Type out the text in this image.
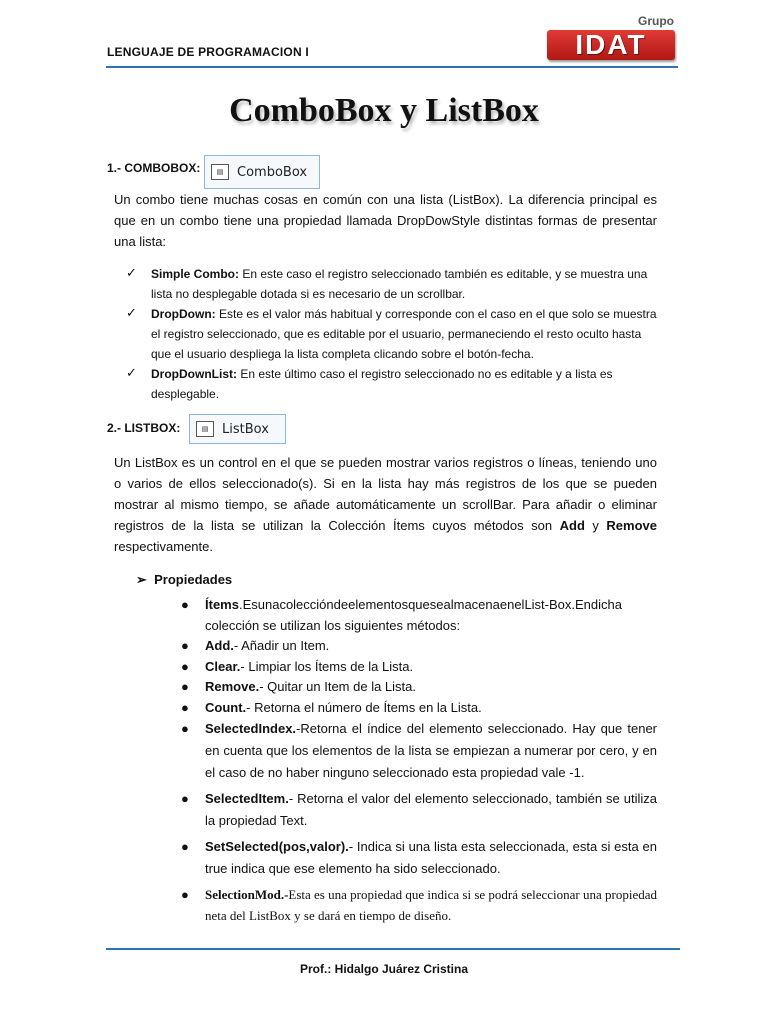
LENGUAJE DE PROGRAMACION I
Grupo
IDAT
ComboBox y ListBox
1.- COMBOBOX:	▤	ComboBox
Un combo tiene muchas cosas en común con una lista (ListBox). La diferencia principal es que en un combo tiene una propiedad llamada DropDowStyle distintas formas de presentar una lista:
✓ Simple Combo: En este caso el registro seleccionado también es editable, y se muestra una lista no desplegable dotada si es necesario de un scrollbar.
✓ DropDown: Este es el valor más habitual y corresponde con el caso en el que solo se muestra el registro seleccionado, que es editable por el usuario, permaneciendo el resto oculto hasta que el usuario despliega la lista completa clicando sobre el botón-fecha.
✓ DropDownList: En este último caso el registro seleccionado no es editable y a lista es desplegable.
2.- LISTBOX:	▤	ListBox
Un ListBox es un control en el que se pueden mostrar varios registros o líneas, teniendo uno o varios de ellos seleccionado(s). Si en la lista hay más registros de los que se pueden mostrar al mismo tiempo, se añade automáticamente un scrollBar. Para añadir o eliminar registros de la lista se utilizan la Colección Ítems cuyos métodos son Add y Remove respectivamente.
➢ Propiedades
● Ítems.EsunacoleccióndeelementosquesealmacenaenelList-Box.Endicha colección se utilizan los siguientes métodos:
● Add.- Añadir un Item.
● Clear.- Limpiar los Ítems de la Lista.
● Remove.- Quitar un Item de la Lista.
● Count.- Retorna el número de Ítems en la Lista.
● SelectedIndex.-Retorna el índice del elemento seleccionado. Hay que tener en cuenta que los elementos de la lista se empiezan a numerar por cero, y en el caso de no haber ninguno seleccionado esta propiedad vale -1.
● SelectedItem.- Retorna el valor del elemento seleccionado, también se utiliza la propiedad Text.
● SetSelected(pos,valor).- Indica si una lista esta seleccionada, esta si esta en true indica que ese elemento ha sido seleccionado.
● SelectionMod.-Esta es una propiedad que indica si se podrá seleccionar una propiedad neta del ListBox y se dará en tiempo de diseño.
Prof.: Hidalgo Juárez Cristina
